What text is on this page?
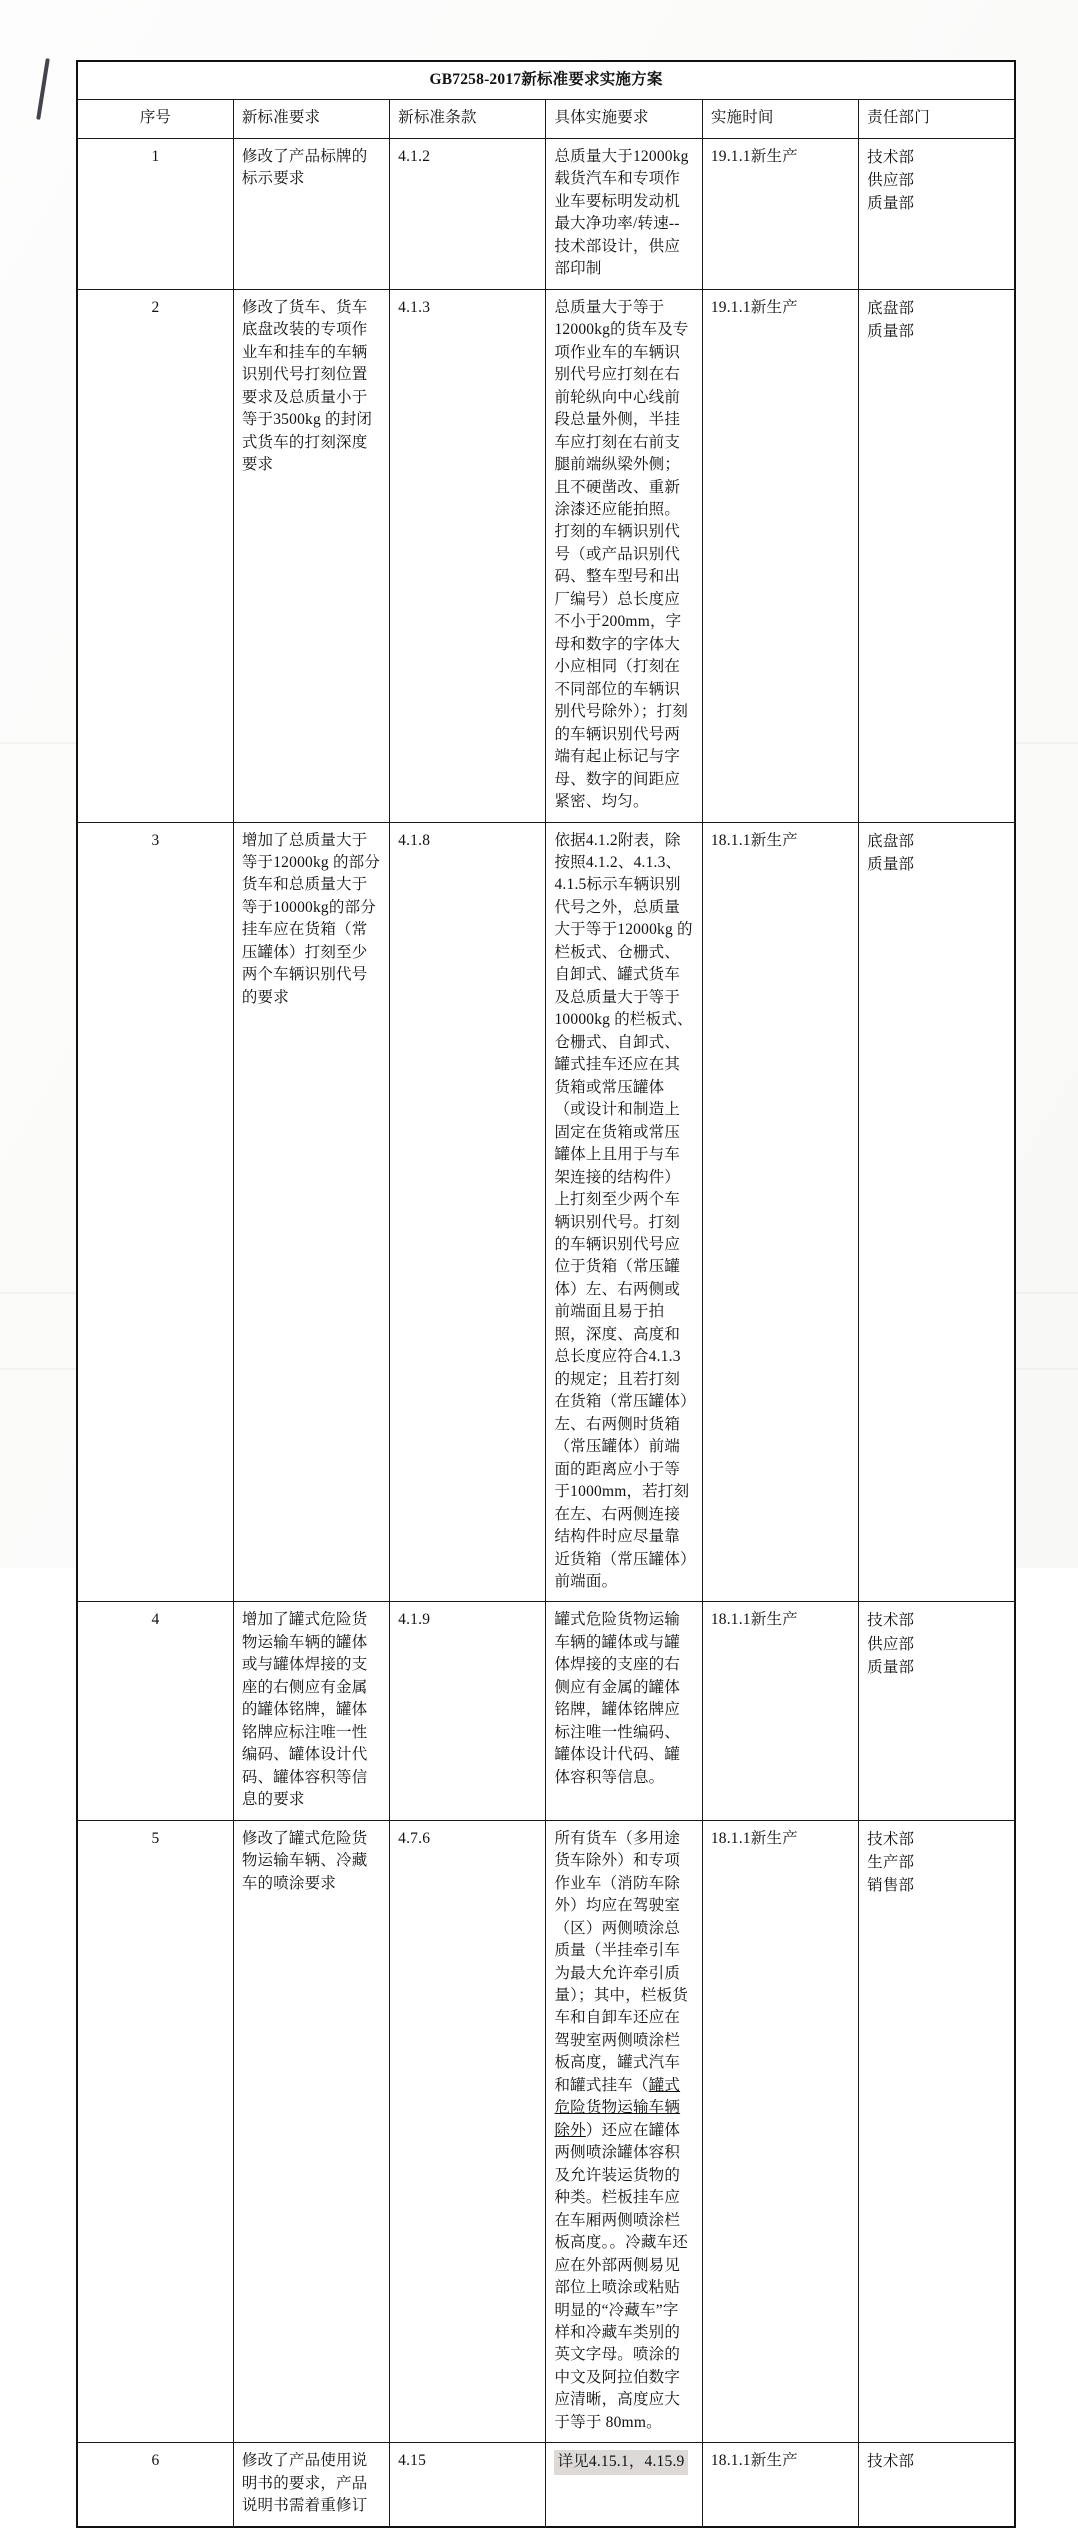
GB7258-2017新标准要求实施方案					
序号	新标准要求	新标准条款	具体实施要求	实施时间	责任部门
1	修改了产品标牌的标示要求	4.1.2	总质量大于12000kg载货汽车和专项作业车要标明发动机最大净功率/转速--技术部设计，供应部印制	19.1.1新生产	技术部
供应部
质量部

2	修改了货车、货车底盘改装的专项作业车和挂车的车辆识别代号打刻位置要求及总质量小于等于3500kg 的封闭式货车的打刻深度要求	4.1.3	总质量大于等于12000kg的货车及专项作业车的车辆识别代号应打刻在右前轮纵向中心线前段总量外侧，半挂车应打刻在右前支腿前端纵梁外侧；且不硬凿改、重新涂漆还应能拍照。打刻的车辆识别代号（或产品识别代码、整车型号和出厂编号）总长度应不小于200mm，字母和数字的字体大小应相同（打刻在不同部位的车辆识别代号除外）；打刻的车辆识别代号两端有起止标记与字母、数字的间距应紧密、均匀。	19.1.1新生产	底盘部
质量部

3	增加了总质量大于等于12000kg 的部分货车和总质量大于等于10000kg的部分挂车应在货箱（常压罐体）打刻至少两个车辆识别代号的要求	4.1.8	依据4.1.2附表，除按照4.1.2、4.1.3、4.1.5标示车辆识别代号之外，总质量大于等于12000kg 的栏板式、仓栅式、自卸式、罐式货车及总质量大于等于10000kg 的栏板式、仓栅式、自卸式、罐式挂车还应在其货箱或常压罐体（或设计和制造上固定在货箱或常压罐体上且用于与车架连接的结构件）上打刻至少两个车辆识别代号。打刻的车辆识别代号应位于货箱（常压罐体）左、右两侧或前端面且易于拍照，深度、高度和总长度应符合4.1.3 的规定；且若打刻在货箱（常压罐体）左、右两侧时货箱（常压罐体）前端面的距离应小于等于1000mm，若打刻在左、右两侧连接结构件时应尽量靠近货箱（常压罐体）前端面。	18.1.1新生产	底盘部
质量部

4	增加了罐式危险货物运输车辆的罐体或与罐体焊接的支座的右侧应有金属的罐体铭牌，罐体铭牌应标注唯一性编码、罐体设计代码、罐体容积等信息的要求	4.1.9	罐式危险货物运输车辆的罐体或与罐体焊接的支座的右侧应有金属的罐体铭牌，罐体铭牌应标注唯一性编码、罐体设计代码、罐体容积等信息。	18.1.1新生产	技术部
供应部
质量部

5	修改了罐式危险货物运输车辆、冷藏车的喷涂要求	4.7.6	所有货车（多用途货车除外）和专项作业车（消防车除外）均应在驾驶室（区）两侧喷涂总质量（半挂牵引车为最大允许牵引质量）；其中，栏板货车和自卸车还应在驾驶室两侧喷涂栏板高度，罐式汽车和罐式挂车（罐式危险货物运输车辆除外）还应在罐体两侧喷涂罐体容积及允许装运货物的种类。栏板挂车应在车厢两侧喷涂栏板高度。。冷藏车还应在外部两侧易见部位上喷涂或粘贴明显的“冷藏车”字样和冷藏车类别的英文字母。喷涂的中文及阿拉伯数字应清晰，高度应大于等于 80mm。	18.1.1新生产	技术部
生产部
销售部

6	修改了产品使用说明书的要求，产品说明书需着重修订	4.15	详见4.15.1，4.15.9	18.1.1新生产	技术部
